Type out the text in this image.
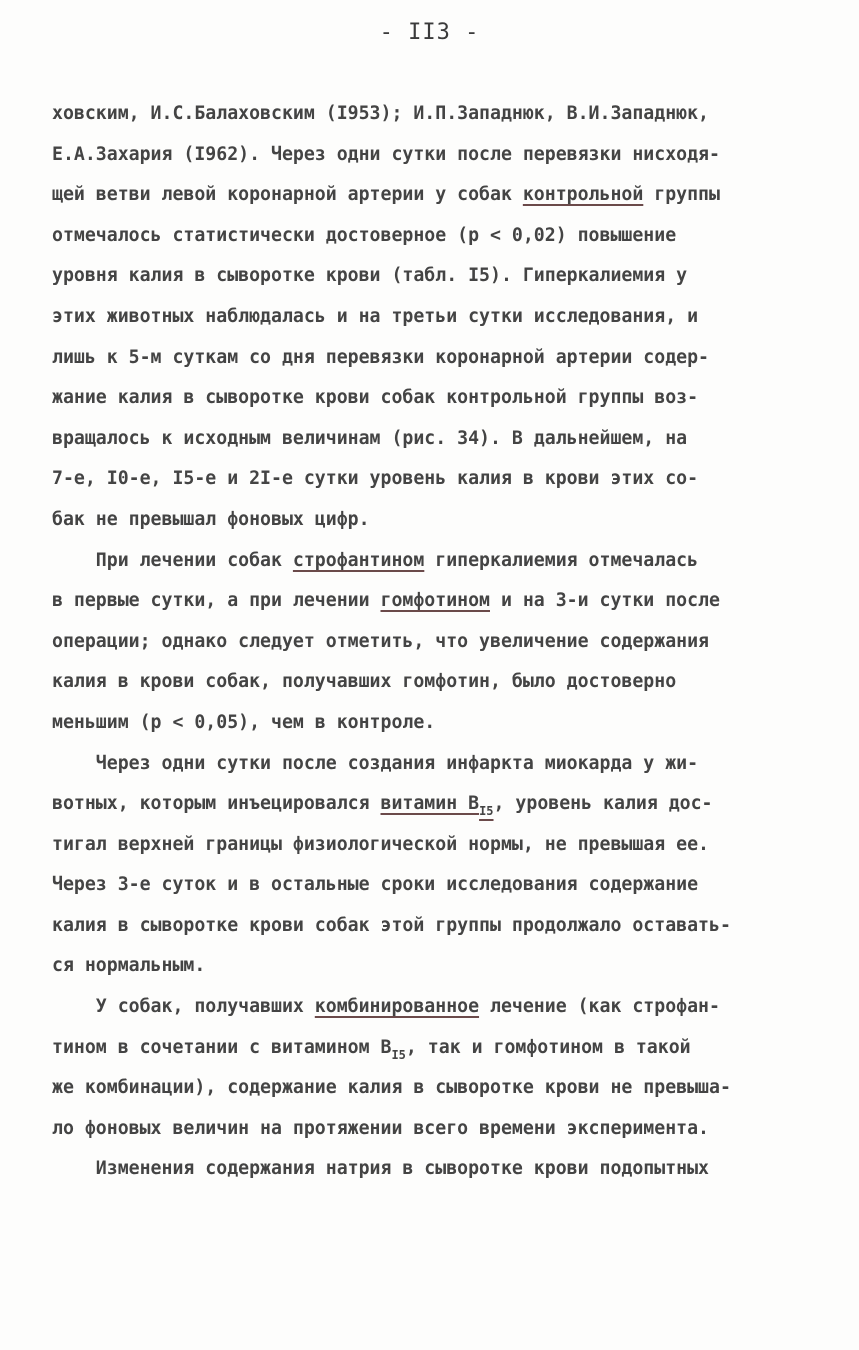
- II3 -
ховским, И.С.Балаховским (I953); И.П.Западнюк, В.И.Западнюк,
Е.А.Захария (I962). Через одни сутки после перевязки нисходя-
щей ветви левой коронарной артерии у собак контрольной группы
отмечалось статистически достоверное (р < 0,02) повышение
уровня калия в сыворотке крови (табл. I5). Гиперкалиемия у
этих животных наблюдалась и на третьи сутки исследования, и
лишь к 5-м суткам со дня перевязки коронарной артерии содер-
жание калия в сыворотке крови собак контрольной группы воз-
вращалось к исходным величинам (рис. 34). В дальнейшем, на
7-е, I0-е, I5-е и 2I-е сутки уровень калия в крови этих со-
бак не превышал фоновых цифр.
При лечении собак строфантином гиперкалиемия отмечалась
в первые сутки, а при лечении гомфотином и на 3-и сутки после
операции; однако следует отметить, что увеличение содержания
калия в крови собак, получавших гомфотин, было достоверно
меньшим (р < 0,05), чем в контроле.
Через одни сутки после создания инфаркта миокарда у жи-
вотных, которым инъецировался витамин $В_{I5}$, уровень калия дос-
тигал верхней границы физиологической нормы, не превышая ее.
Через 3-е суток и в остальные сроки исследования содержание
калия в сыворотке крови собак этой группы продолжало оставать-
ся нормальным.
У собак, получавших комбинированное лечение (как строфан-
тином в сочетании с витамином $В_{I5}$, так и гомфотином в такой
же комбинации), содержание калия в сыворотке крови не превыша-
ло фоновых величин на протяжении всего времени эксперимента.
Изменения содержания натрия в сыворотке крови подопытных
